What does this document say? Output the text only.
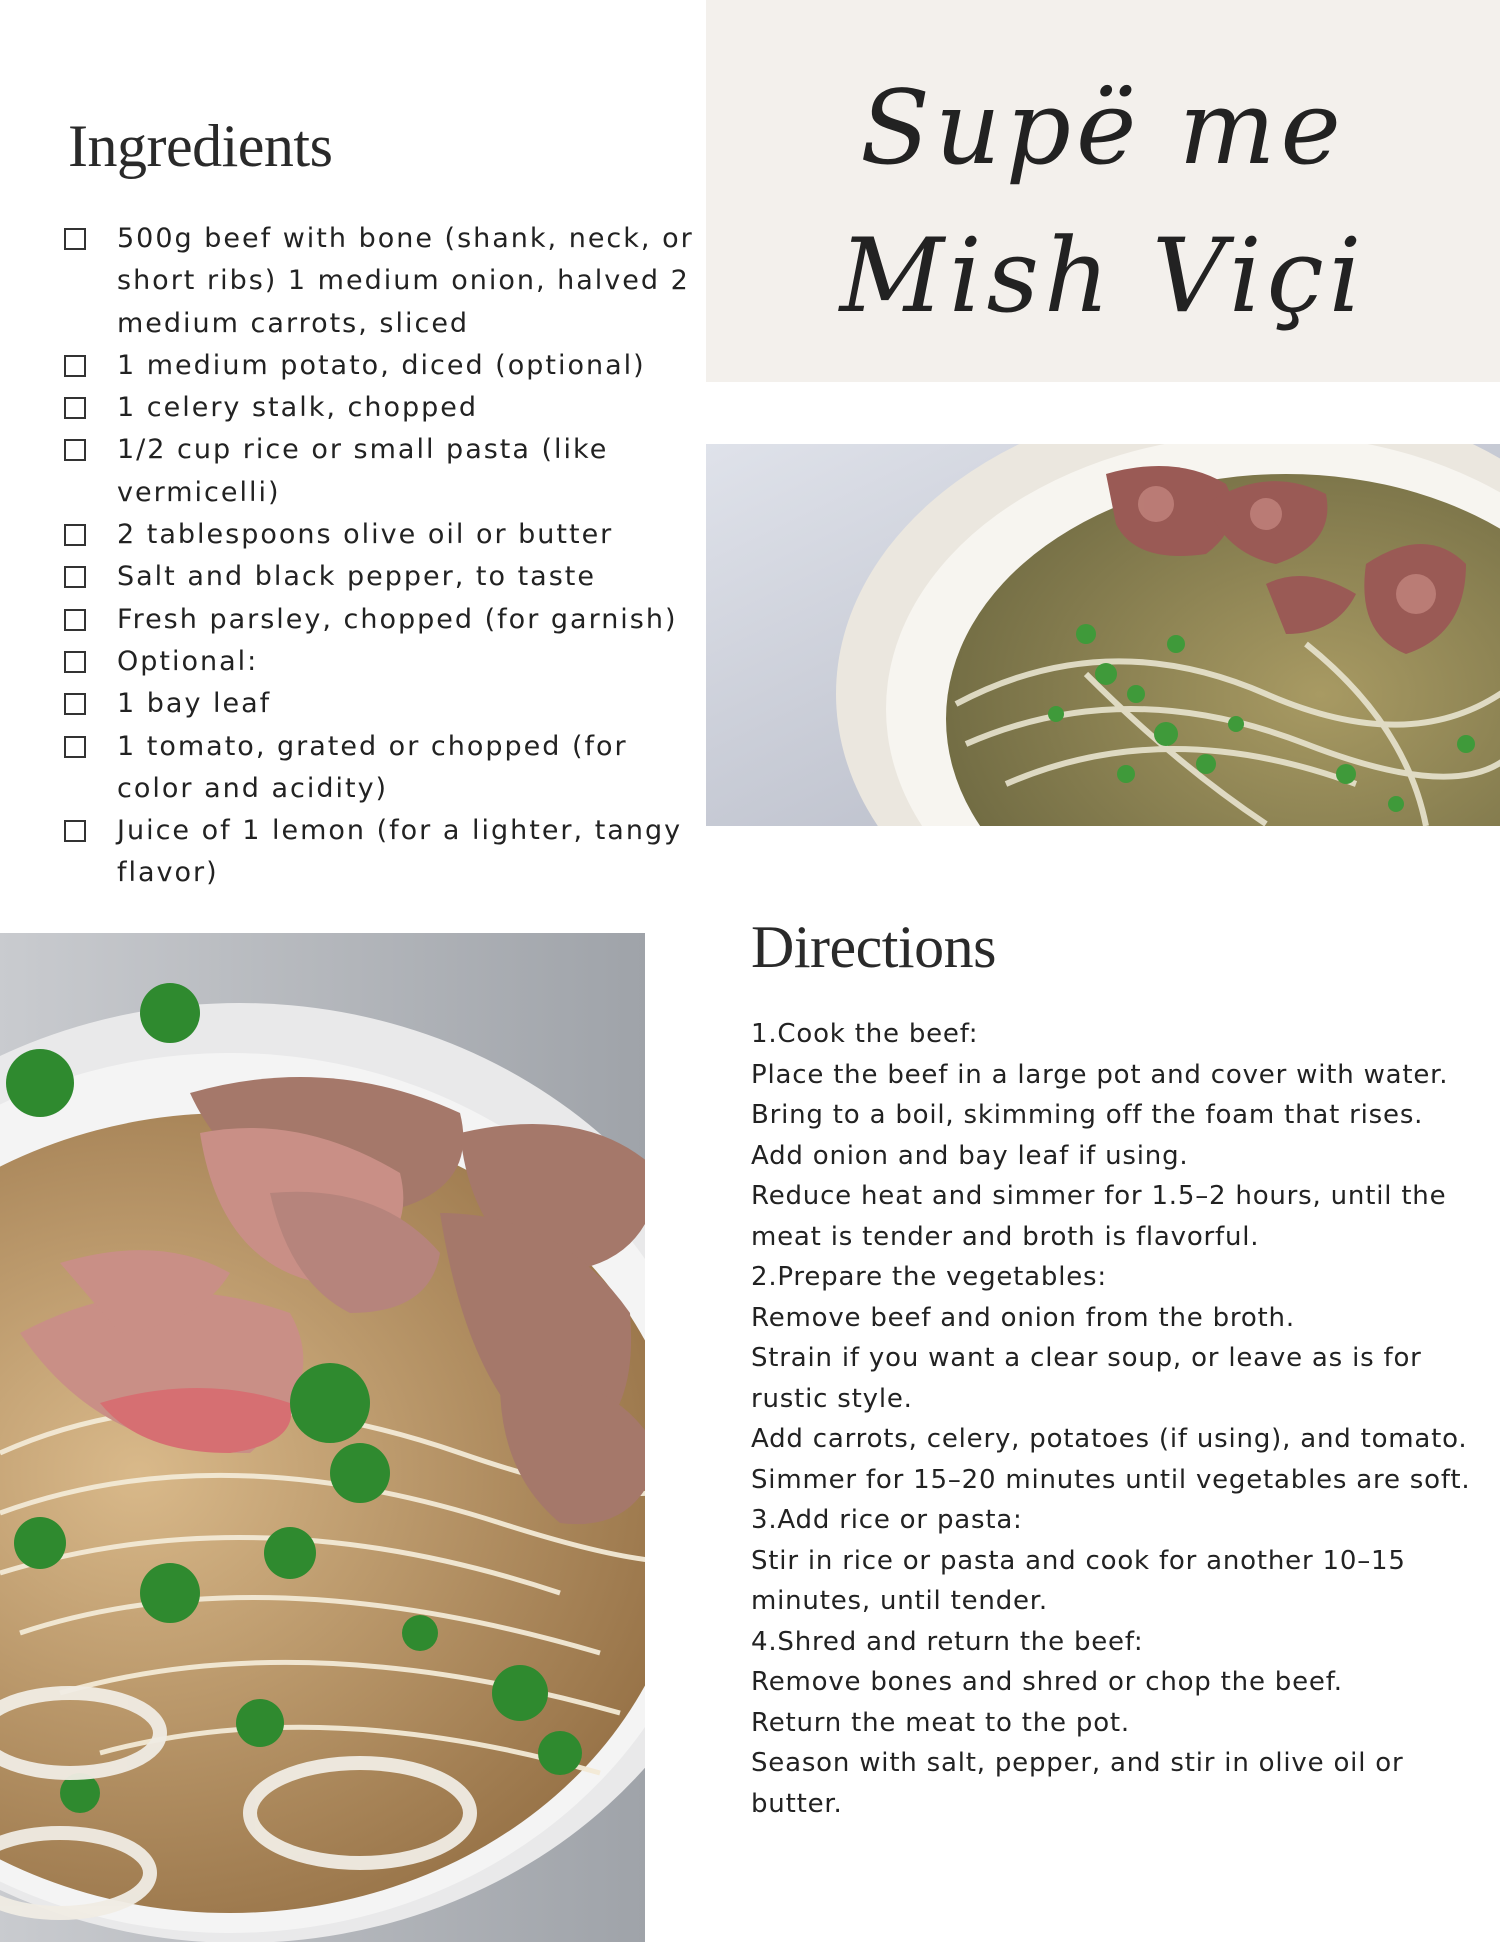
Supë me Mish Viçi
Ingredients
500g beef with bone (shank, neck, or short ribs) 1 medium onion, halved 2 medium carrots, sliced
1 medium potato, diced (optional)
1 celery stalk, chopped
1/2 cup rice or small pasta (like vermicelli)
2 tablespoons olive oil or butter
Salt and black pepper, to taste
Fresh parsley, chopped (for garnish)
Optional:
1 bay leaf
1 tomato, grated or chopped (for color and acidity)
Juice of 1 lemon (for a lighter, tangy flavor)
Directions
1.Cook the beef:
Place the beef in a large pot and cover with water.
Bring to a boil, skimming off the foam that rises.
Add onion and bay leaf if using.
Reduce heat and simmer for 1.5–2 hours, until the meat is tender and broth is flavorful.
2.Prepare the vegetables:
Remove beef and onion from the broth.
Strain if you want a clear soup, or leave as is for rustic style.
Add carrots, celery, potatoes (if using), and tomato.
Simmer for 15–20 minutes until vegetables are soft.
3.Add rice or pasta:
Stir in rice or pasta and cook for another 10–15 minutes, until tender.
4.Shred and return the beef:
Remove bones and shred or chop the beef.
Return the meat to the pot.
Season with salt, pepper, and stir in olive oil or butter.
